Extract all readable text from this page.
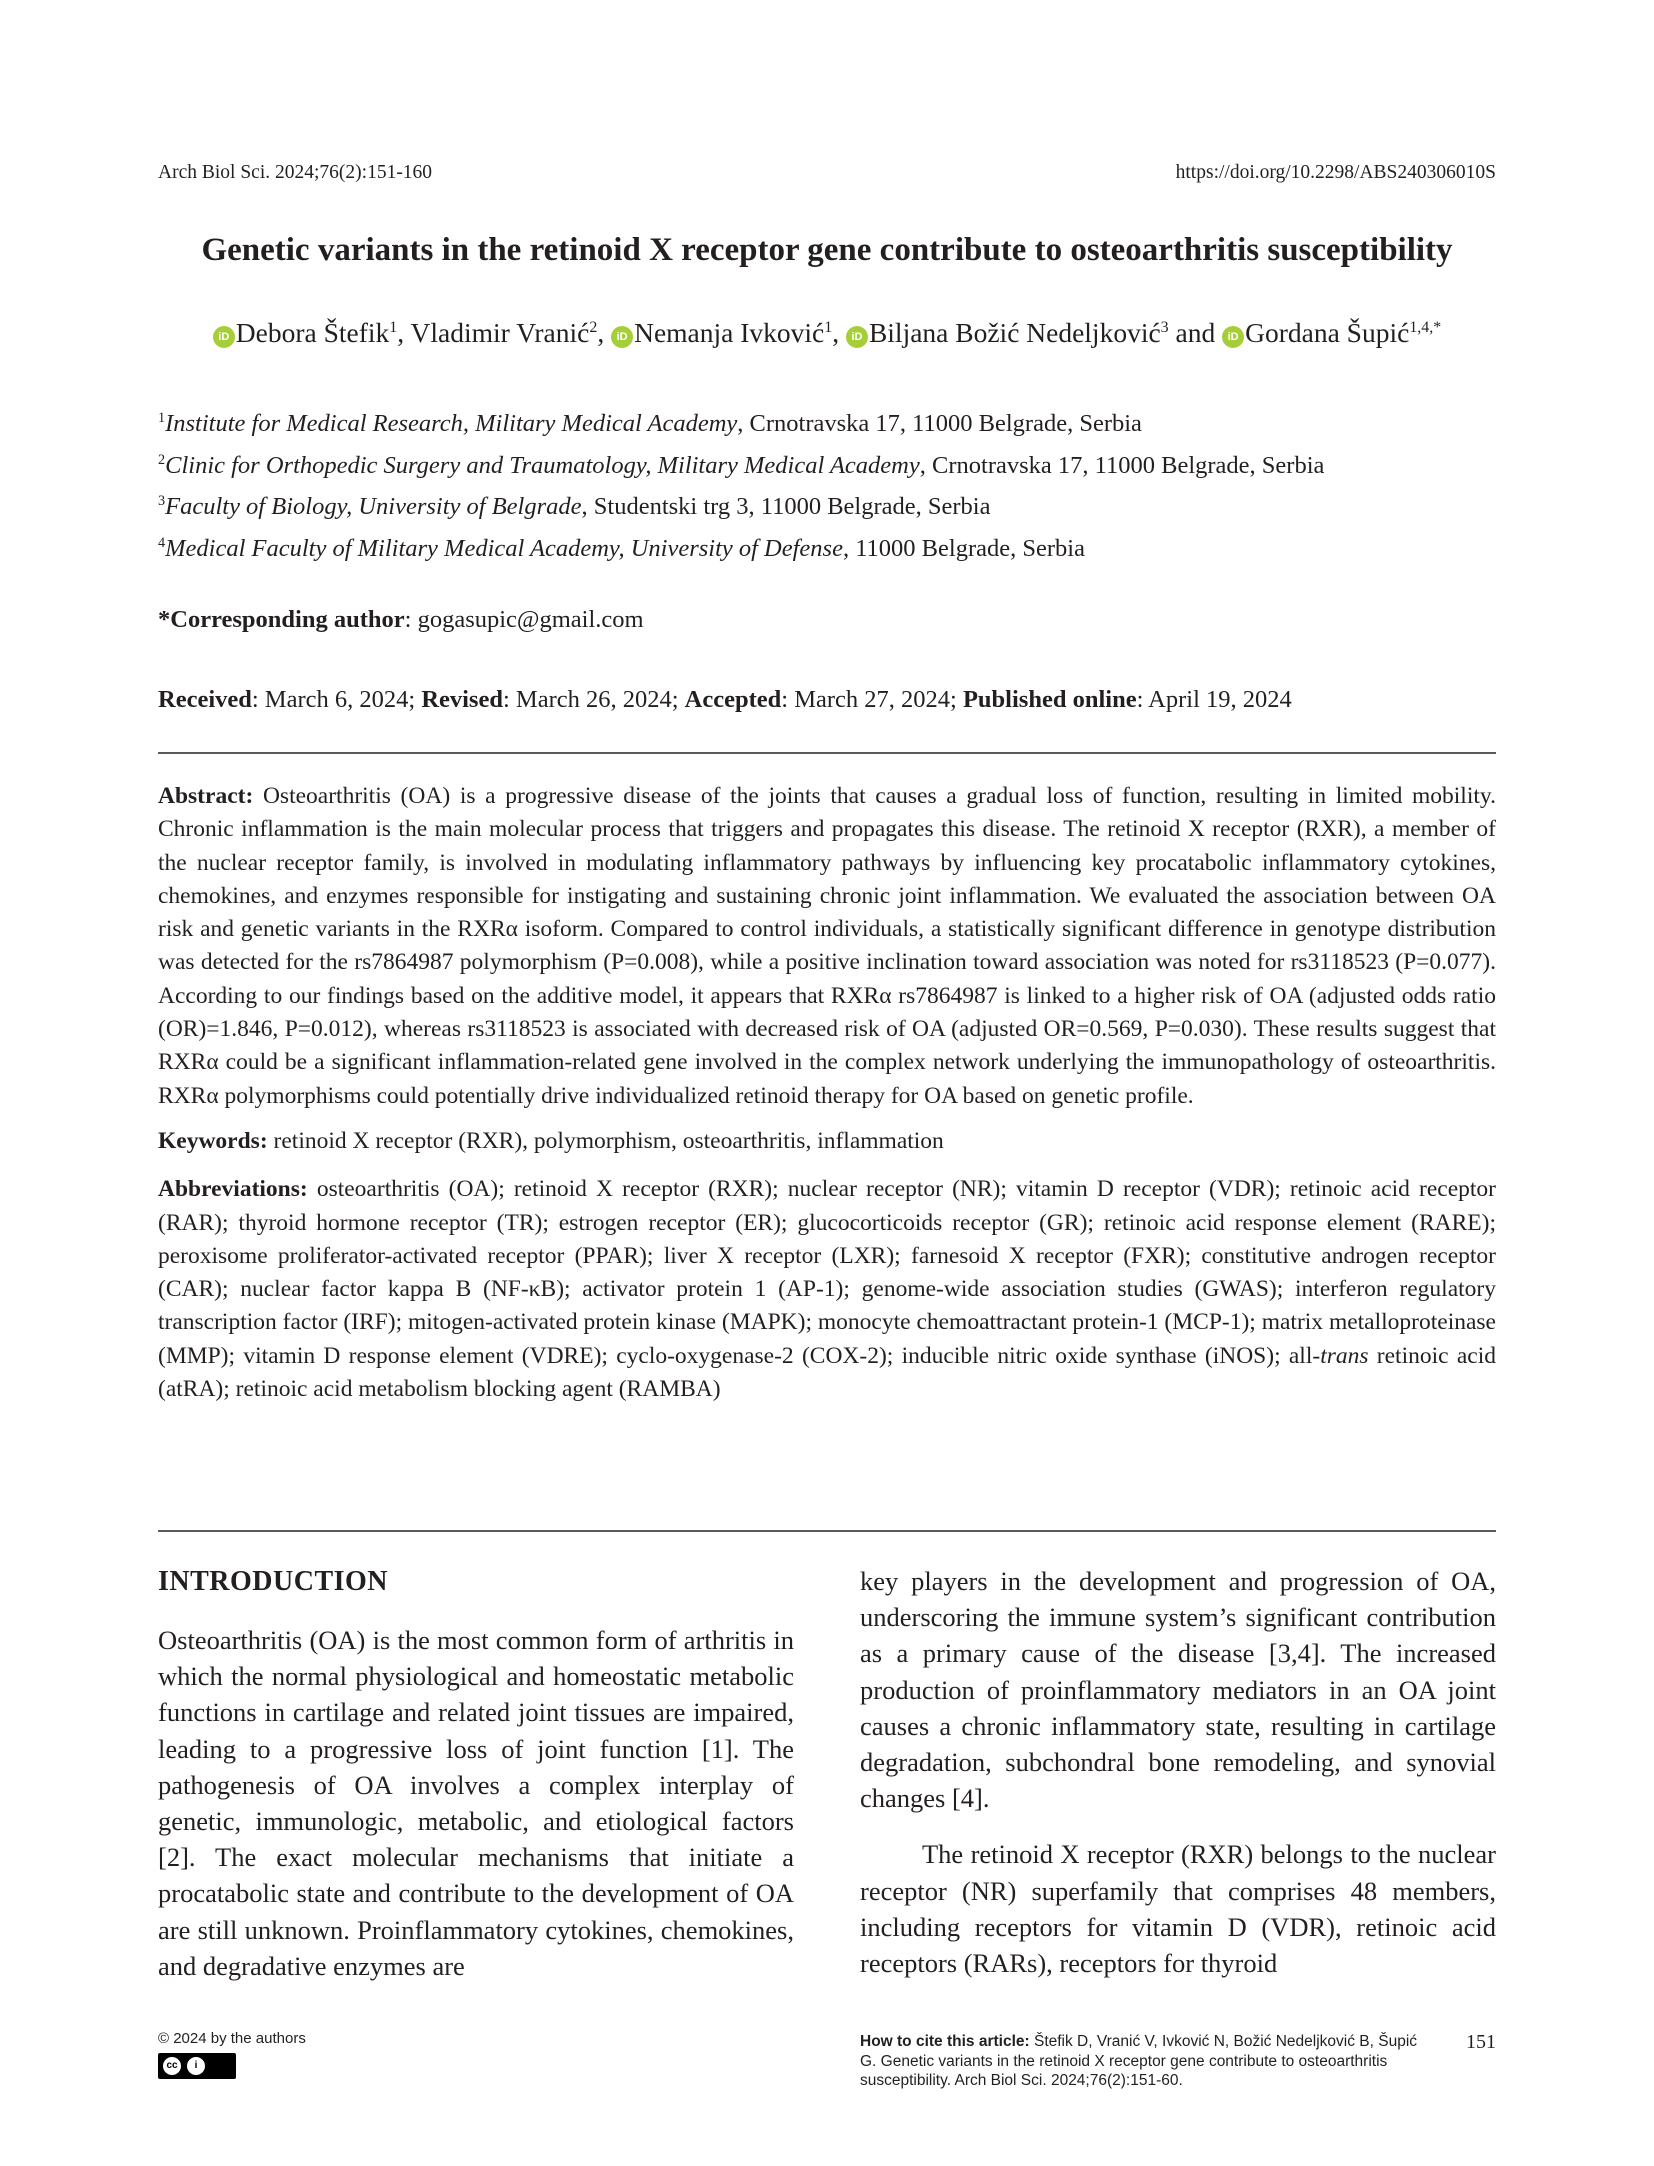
Arch Biol Sci. 2024;76(2):151-160	https://doi.org/10.2298/ABS240306010S
Genetic variants in the retinoid X receptor gene contribute to osteoarthritis susceptibility
iD Debora Štefik$^1$, Vladimir Vranić$^2$, iD Nemanja Ivković$^1$, iD Biljana Božić Nedeljković$^3$ and iD Gordana Šupić$^{1,4,*}$
$^1$Institute for Medical Research, Military Medical Academy, Crnotravska 17, 11000 Belgrade, Serbia
$^2$Clinic for Orthopedic Surgery and Traumatology, Military Medical Academy, Crnotravska 17, 11000 Belgrade, Serbia
$^3$Faculty of Biology, University of Belgrade, Studentski trg 3, 11000 Belgrade, Serbia
$^4$Medical Faculty of Military Medical Academy, University of Defense, 11000 Belgrade, Serbia
*Corresponding author: gogasupic@gmail.com
Received: March 6, 2024; Revised: March 26, 2024; Accepted: March 27, 2024; Published online: April 19, 2024

Abstract: Osteoarthritis (OA) is a progressive disease of the joints that causes a gradual loss of function, resulting in limited mobility. Chronic inflammation is the main molecular process that triggers and propagates this disease. The retinoid X receptor (RXR), a member of the nuclear receptor family, is involved in modulating inflammatory pathways by influencing key procatabolic inflammatory cytokines, chemokines, and enzymes responsible for instigating and sustaining chronic joint inflammation. We evaluated the association between OA risk and genetic variants in the RXRα isoform. Compared to control individuals, a statistically significant difference in genotype distribution was detected for the rs7864987 polymorphism (P=0.008), while a positive inclination toward association was noted for rs3118523 (P=0.077). According to our findings based on the additive model, it appears that RXRα rs7864987 is linked to a higher risk of OA (adjusted odds ratio (OR)=1.846, P=0.012), whereas rs3118523 is associated with decreased risk of OA (adjusted OR=0.569, P=0.030). These results suggest that RXRα could be a significant inflammation-related gene involved in the complex network underlying the immunopathology of osteoarthritis. RXRα polymorphisms could potentially drive individualized retinoid therapy for OA based on genetic profile.

Keywords: retinoid X receptor (RXR), polymorphism, osteoarthritis, inflammation

Abbreviations: osteoarthritis (OA); retinoid X receptor (RXR); nuclear receptor (NR); vitamin D receptor (VDR); retinoic acid receptor (RAR); thyroid hormone receptor (TR); estrogen receptor (ER); glucocorticoids receptor (GR); retinoic acid response element (RARE); peroxisome proliferator-activated receptor (PPAR); liver X receptor (LXR); farnesoid X receptor (FXR); constitutive androgen receptor (CAR); nuclear factor kappa B (NF-κB); activator protein 1 (AP-1); genome-wide association studies (GWAS); interferon regulatory transcription factor (IRF); mitogen-activated protein kinase (MAPK); monocyte chemoattractant protein-1 (MCP-1); matrix metalloproteinase (MMP); vitamin D response element (VDRE); cyclo-oxygenase-2 (COX-2); inducible nitric oxide synthase (iNOS); all-trans retinoic acid (atRA); retinoic acid metabolism blocking agent (RAMBA)

INTRODUCTION

Osteoarthritis (OA) is the most common form of arthritis in which the normal physiological and homeostatic metabolic functions in cartilage and related joint tissues are impaired, leading to a progressive loss of joint function [1]. The pathogenesis of OA involves a complex interplay of genetic, immunologic, metabolic, and etiological factors [2]. The exact molecular mechanisms that initiate a procatabolic state and contribute to the development of OA are still unknown. Proinflammatory cytokines, chemokines, and degradative enzymes are

key players in the development and progression of OA, underscoring the immune system’s significant contribution as a primary cause of the disease [3,4]. The increased production of proinflammatory mediators in an OA joint causes a chronic inflammatory state, resulting in cartilage degradation, subchondral bone remodeling, and synovial changes [4].

The retinoid X receptor (RXR) belongs to the nuclear receptor (NR) superfamily that comprises 48 members, including receptors for vitamin D (VDR), retinoic acid receptors (RARs), receptors for thyroid

© 2024 by the authors
cc	i
How to cite this article: Štefik D, Vranić V, Ivković N, Božić Nedeljković B, Šupić G. Genetic variants in the retinoid X receptor gene contribute to osteoarthritis susceptibility. Arch Biol Sci. 2024;76(2):151-60.
151
